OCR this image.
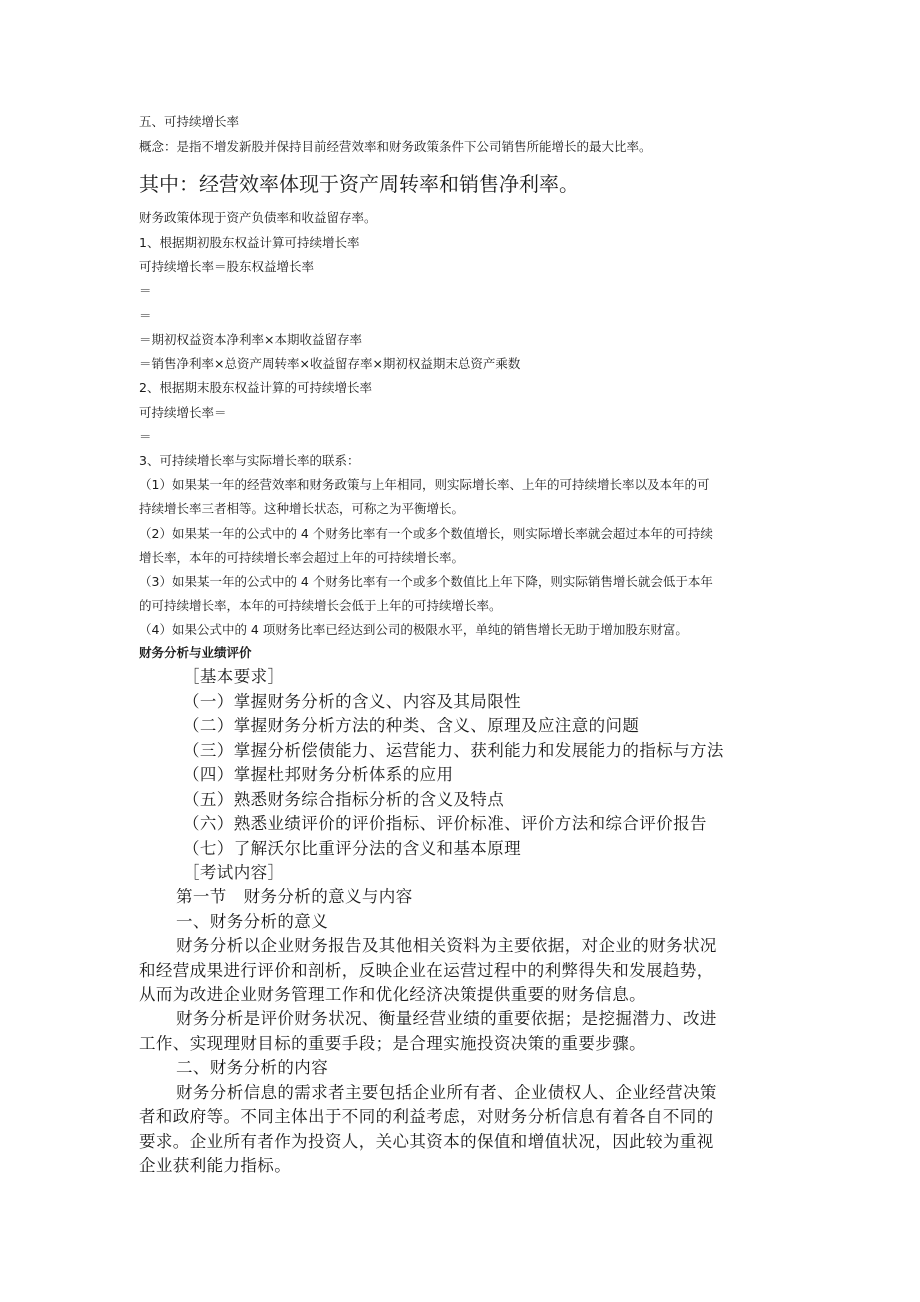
五、可持续增长率
概念：是指不增发新股并保持目前经营效率和财务政策条件下公司销售所能增长的最大比率。
其中：经营效率体现于资产周转率和销售净利率。
财务政策体现于资产负债率和收益留存率。
1、根据期初股东权益计算可持续增长率
可持续增长率＝股东权益增长率
＝
＝
＝期初权益资本净利率×本期收益留存率
＝销售净利率×总资产周转率×收益留存率×期初权益期末总资产乘数
2、根据期末股东权益计算的可持续增长率
可持续增长率＝
＝
3、可持续增长率与实际增长率的联系：
（1）如果某一年的经营效率和财务政策与上年相同，则实际增长率、上年的可持续增长率以及本年的可
持续增长率三者相等。这种增长状态，可称之为平衡增长。
（2）如果某一年的公式中的 4 个财务比率有一个或多个数值增长，则实际增长率就会超过本年的可持续
增长率，本年的可持续增长率会超过上年的可持续增长率。
（3）如果某一年的公式中的 4 个财务比率有一个或多个数值比上年下降，则实际销售增长就会低于本年
的可持续增长率，本年的可持续增长会低于上年的可持续增长率。
（4）如果公式中的 4 项财务比率已经达到公司的极限水平，单纯的销售增长无助于增加股东财富。
财务分析与业绩评价
［基本要求］
（一）掌握财务分析的含义、内容及其局限性
（二）掌握财务分析方法的种类、含义、原理及应注意的问题
（三）掌握分析偿债能力、运营能力、获利能力和发展能力的指标与方法
（四）掌握杜邦财务分析体系的应用
（五）熟悉财务综合指标分析的含义及特点
（六）熟悉业绩评价的评价指标、评价标准、评价方法和综合评价报告
（七）了解沃尔比重评分法的含义和基本原理
［考试内容］
第一节　财务分析的意义与内容
一、财务分析的意义
财务分析以企业财务报告及其他相关资料为主要依据，对企业的财务状况
和经营成果进行评价和剖析，反映企业在运营过程中的利弊得失和发展趋势，
从而为改进企业财务管理工作和优化经济决策提供重要的财务信息。
财务分析是评价财务状况、衡量经营业绩的重要依据；是挖掘潜力、改进
工作、实现理财目标的重要手段；是合理实施投资决策的重要步骤。
二、财务分析的内容
财务分析信息的需求者主要包括企业所有者、企业债权人、企业经营决策
者和政府等。不同主体出于不同的利益考虑，对财务分析信息有着各自不同的
要求。企业所有者作为投资人，关心其资本的保值和增值状况，因此较为重视
企业获利能力指标。
